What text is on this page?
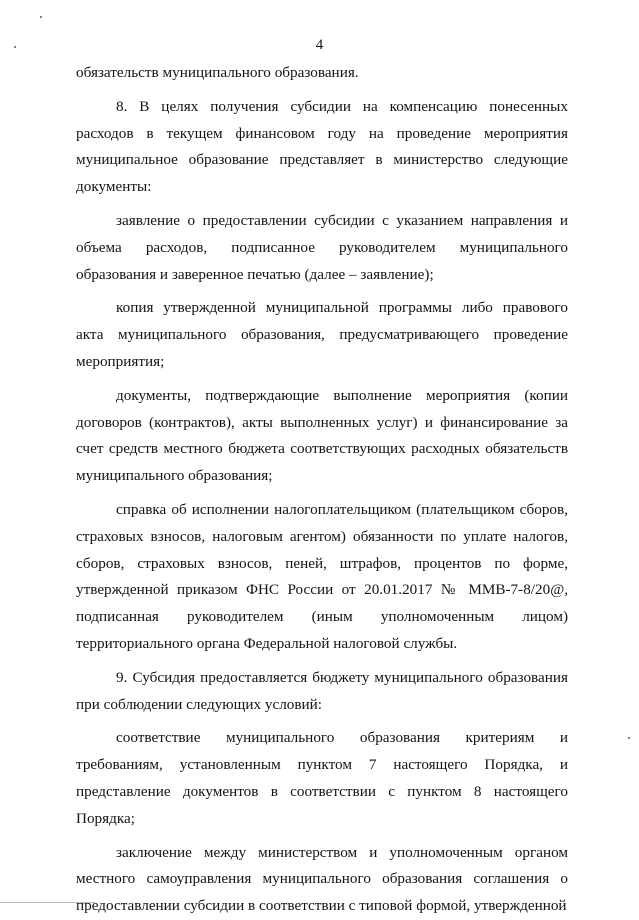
4

обязательств муниципального образования.

8. В целях получения субсидии на компенсацию понесенных расходов в текущем финансовом году на проведение мероприятия муниципальное образование представляет в министерство следующие документы:

заявление о предоставлении субсидии с указанием направления и объема расходов, подписанное руководителем муниципального образования и заверенное печатью (далее – заявление);

копия утвержденной муниципальной программы либо правового акта муниципального образования, предусматривающего проведение мероприятия;

документы, подтверждающие выполнение мероприятия (копии договоров (контрактов), акты выполненных услуг) и финансирование за счет средств местного бюджета соответствующих расходных обязательств муниципального образования;

справка об исполнении налогоплательщиком (плательщиком сборов, страховых взносов, налоговым агентом) обязанности по уплате налогов, сборов, страховых взносов, пеней, штрафов, процентов по форме, утвержденной приказом ФНС России от 20.01.2017 № ММВ-7-8/20@, подписанная руководителем (иным уполномоченным лицом) территориального органа Федеральной налоговой службы.

9. Субсидия предоставляется бюджету муниципального образования при соблюдении следующих условий:

соответствие муниципального образования критериям и требованиям, установленным пунктом 7 настоящего Порядка, и представление документов в соответствии с пунктом 8 настоящего Порядка;

заключение между министерством и уполномоченным органом местного самоуправления муниципального образования соглашения о предоставлении субсидии в соответствии с типовой формой, утвержденной
